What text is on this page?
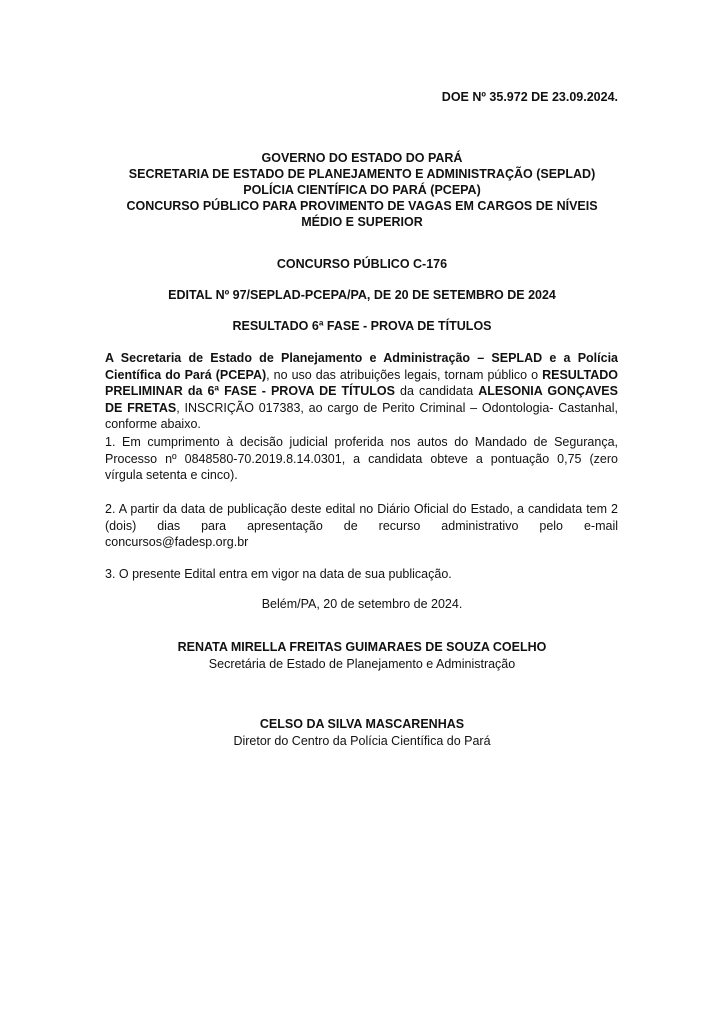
DOE Nº 35.972 DE 23.09.2024.
GOVERNO DO ESTADO DO PARÁ
SECRETARIA DE ESTADO DE PLANEJAMENTO E ADMINISTRAÇÃO (SEPLAD)
POLÍCIA CIENTÍFICA DO PARÁ (PCEPA)
CONCURSO PÚBLICO PARA PROVIMENTO DE VAGAS EM CARGOS DE NÍVEIS
MÉDIO E SUPERIOR
CONCURSO PÚBLICO C-176
EDITAL Nº 97/SEPLAD-PCEPA/PA, DE 20 DE SETEMBRO DE 2024
RESULTADO 6ª FASE - PROVA DE TÍTULOS
A Secretaria de Estado de Planejamento e Administração – SEPLAD e a Polícia Científica do Pará (PCEPA), no uso das atribuições legais, tornam público o RESULTADO PRELIMINAR da 6ª FASE - PROVA DE TÍTULOS da candidata ALESONIA GONÇAVES DE FRETAS, INSCRIÇÃO 017383, ao cargo de Perito Criminal – Odontologia- Castanhal, conforme abaixo.
1. Em cumprimento à decisão judicial proferida nos autos do Mandado de Segurança, Processo nº 0848580-70.2019.8.14.0301, a candidata obteve a pontuação 0,75 (zero vírgula setenta e cinco).
2. A partir da data de publicação deste edital no Diário Oficial do Estado, a candidata tem 2 (dois) dias para apresentação de recurso administrativo pelo e-mail concursos@fadesp.org.br
3. O presente Edital entra em vigor na data de sua publicação.
Belém/PA, 20 de setembro de 2024.
RENATA MIRELLA FREITAS GUIMARAES DE SOUZA COELHO
Secretária de Estado de Planejamento e Administração
CELSO DA SILVA MASCARENHAS
Diretor do Centro da Polícia Científica do Pará
